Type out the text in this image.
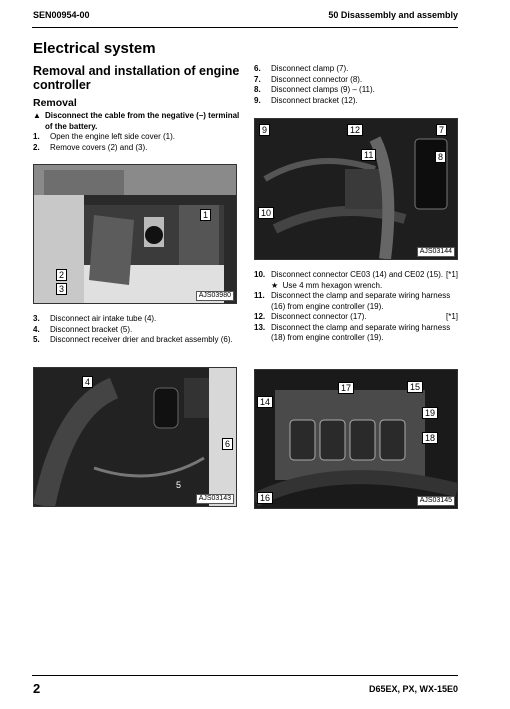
SEN00954-00	50 Disassembly and assembly
Electrical system
Removal and installation of engine controller
Removal
▲ Disconnect the cable from the negative (–) terminal of the battery.
1.	Open the engine left side cover (1).
2.	Remove covers (2) and (3).
1
2
3
AJS03980
3.	Disconnect air intake tube (4).
4.	Disconnect bracket (5).
5.	Disconnect receiver drier and bracket assembly (6).
4
5
6
AJS03143
6.	Disconnect clamp (7).
7.	Disconnect connector (8).
8.	Disconnect clamps (9) – (11).
9.	Disconnect bracket (12).
7
8
9
10
11
12
AJS03144
10. Disconnect connector CE03 (14) and CE02 (15). [*1]
★  Use 4 mm hexagon wrench.
11. Disconnect the clamp and separate wiring harness (16) from engine controller (19).
12. Disconnect connector (17).	[*1]
13. Disconnect the clamp and separate wiring harness (18) from engine controller (19).
14
15
16
17
18
19
AJS03145
2	D65EX, PX, WX-15E0
